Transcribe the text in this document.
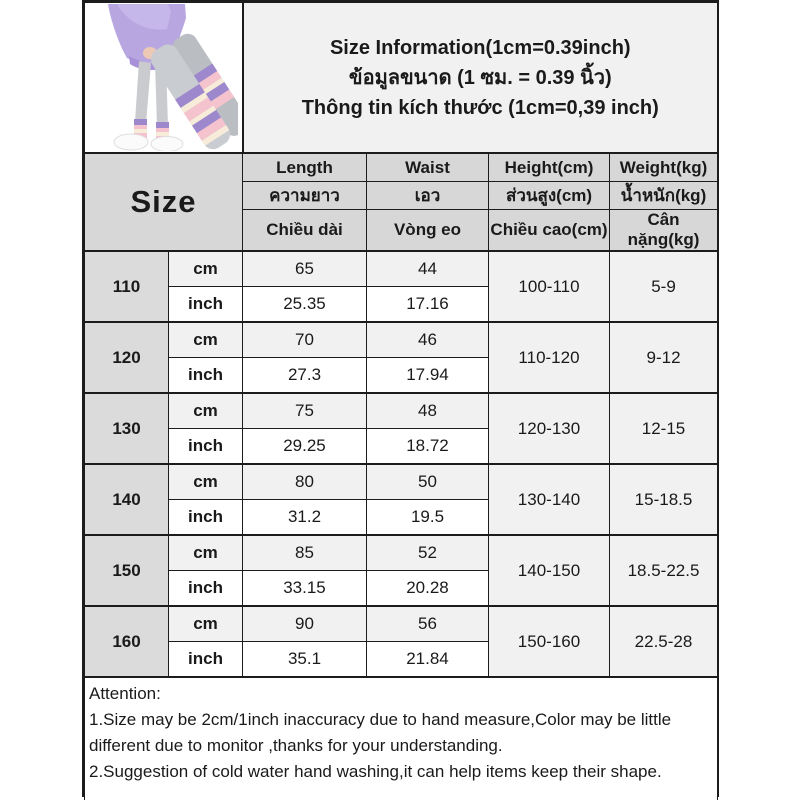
Size Information(1cm=0.39inch)
ข้อมูลขนาด (1 ซม. = 0.39 นิ้ว)
Thông tin kích thước (1cm=0,39 inch)			

Size		Length	Waist	Height(cm)	Weight(kg)
		ความยาว	เอว	ส่วนสูง(cm)	น้ำหนัก(kg)
		Chiều dài	Vòng eo	Chiều cao(cm)	Cân nặng(kg)
110	cm	65	44	100-110	5-9
	inch	25.35	17.16		
120	cm	70	46	110-120	9-12
	inch	27.3	17.94		
130	cm	75	48	120-130	12-15
	inch	29.25	18.72		
140	cm	80	50	130-140	15-18.5
	inch	31.2	19.5		
150	cm	85	52	140-150	18.5-22.5
	inch	33.15	20.28		
160	cm	90	56	150-160	22.5-28
	inch	35.1	21.84		

Attention:
1.Size may be 2cm/1inch inaccuracy due to hand measure,Color may be little different due to monitor ,thanks for your understanding.
2.Suggestion of cold water hand washing,it can help items keep their shape.					
